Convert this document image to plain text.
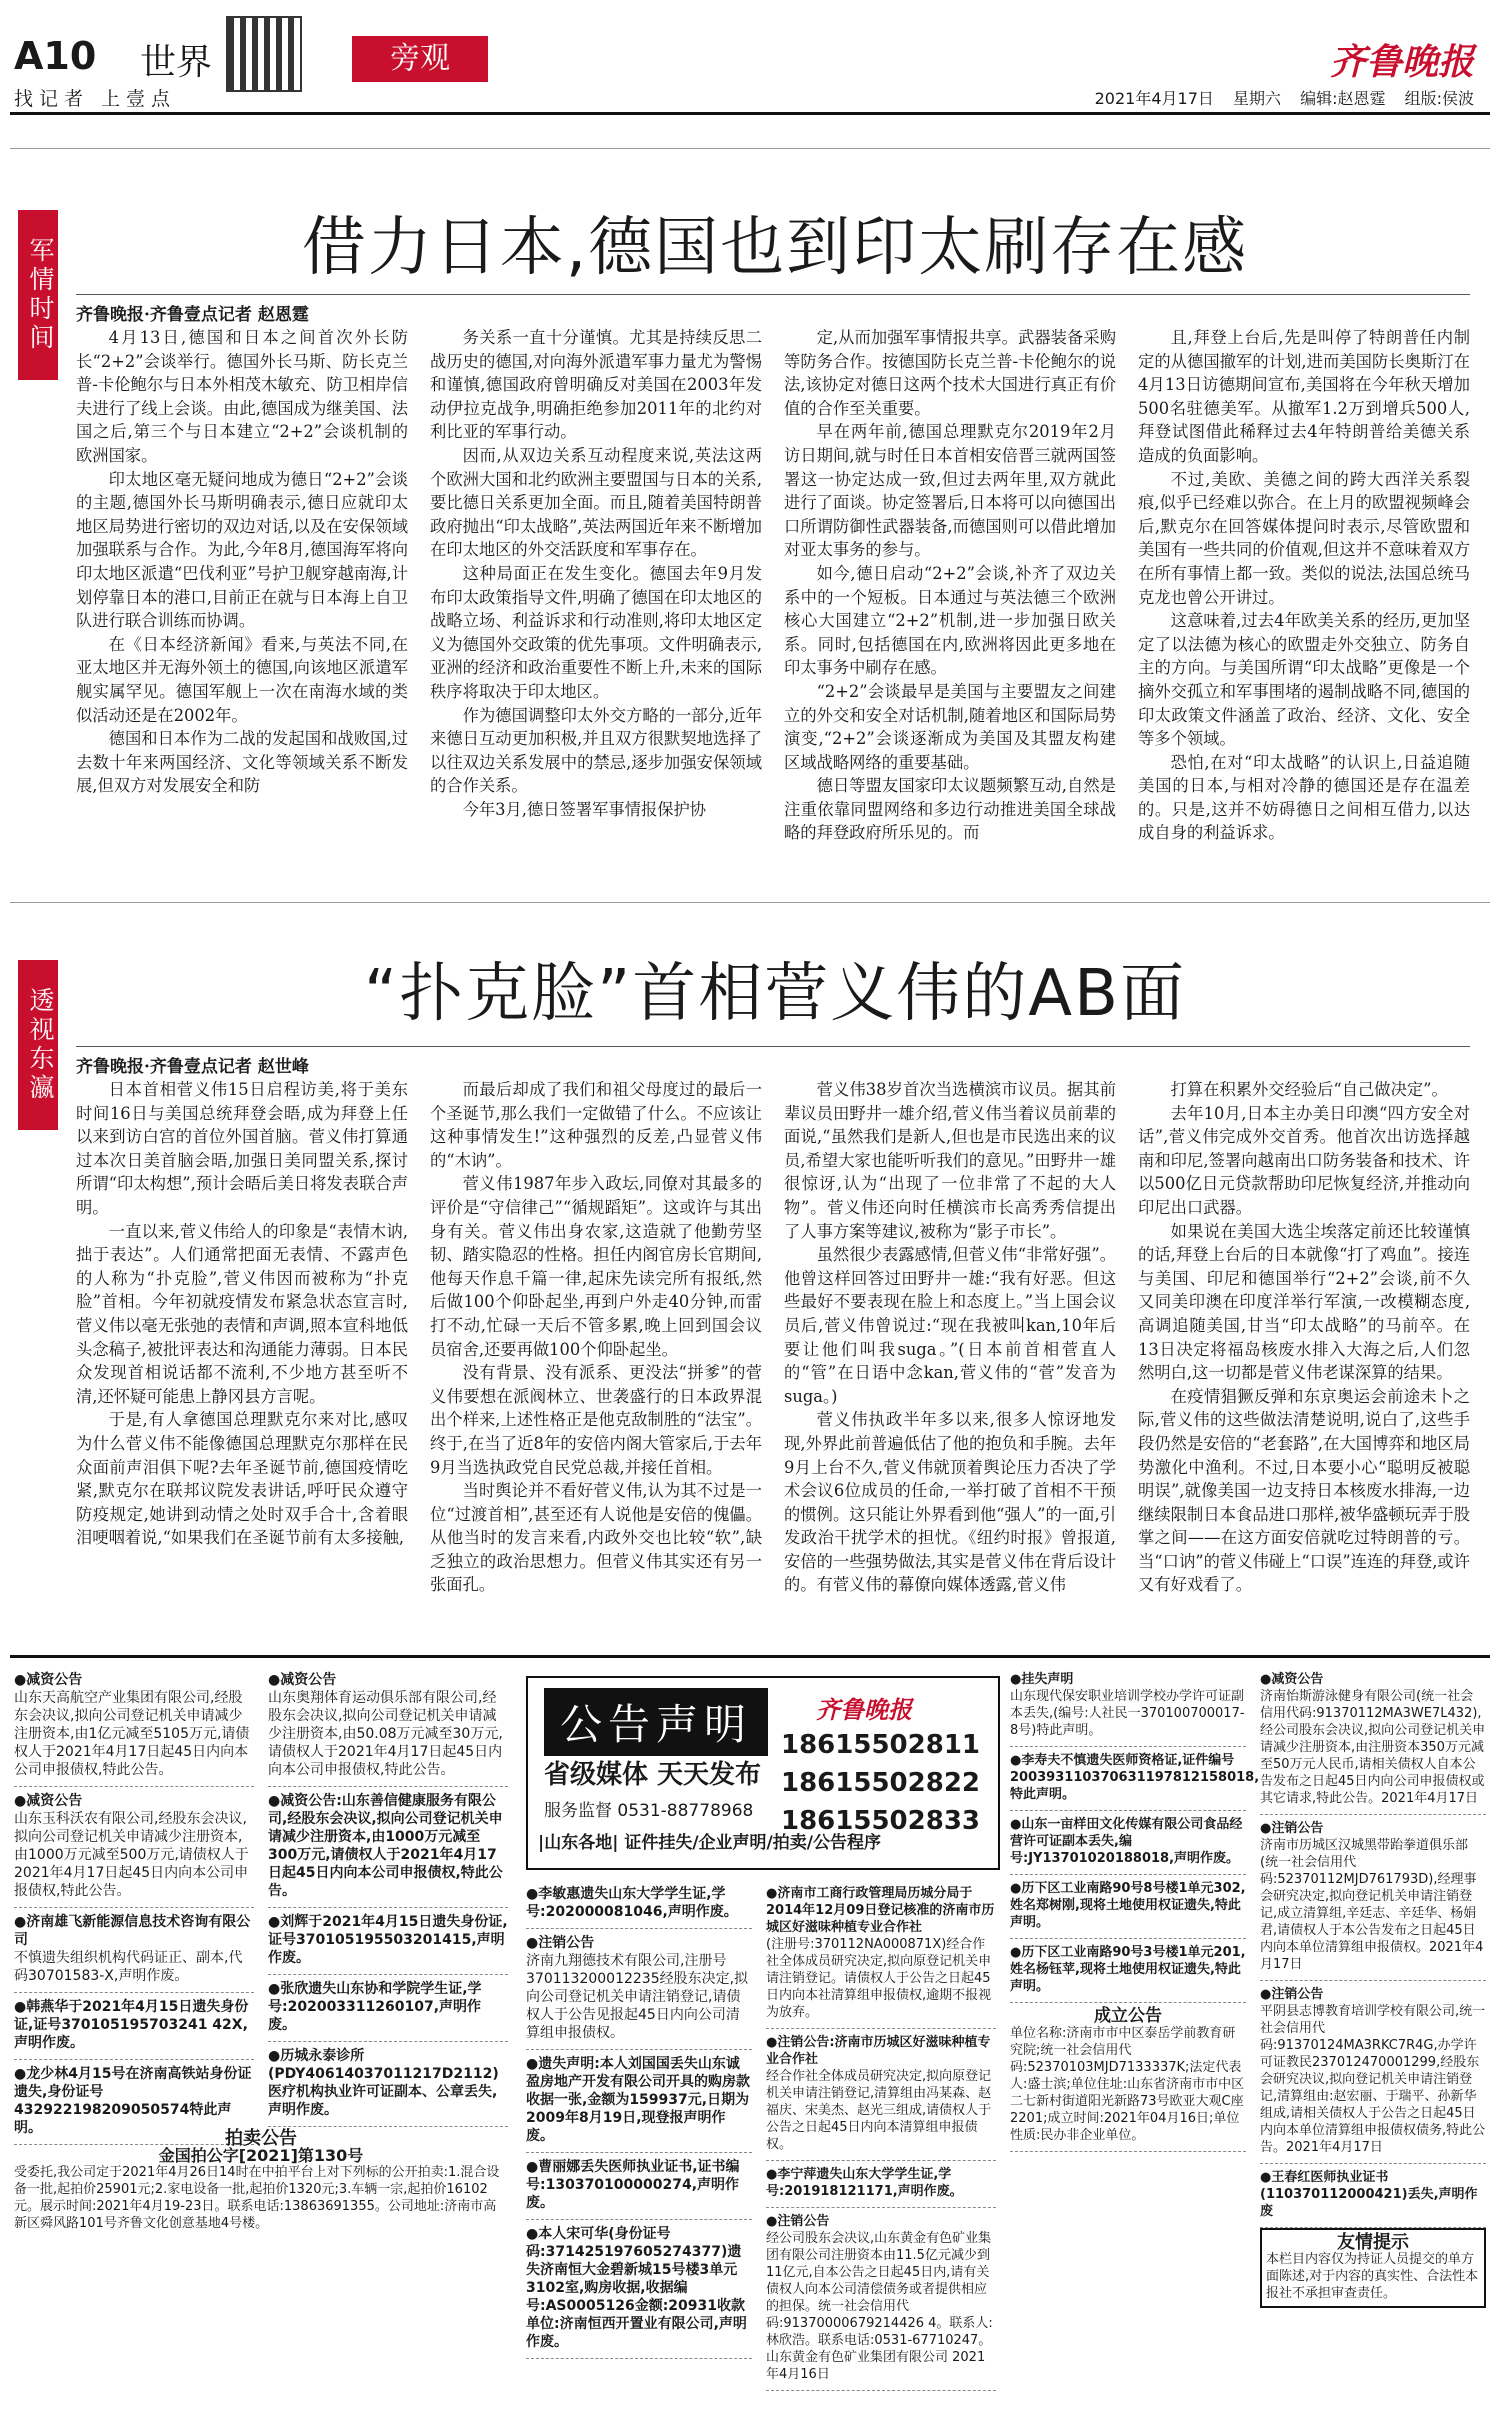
A10 世界
找记者 上壹点
旁观	齐鲁晚报
2021年4月17日 星期六 编辑:赵恩霆 组版:侯波
军情时间	借力日本,德国也到印太刷存在感
齐鲁晚报·齐鲁壹点记者 赵恩霆

4月13日,德国和日本之间首次外长防长“2+2”会谈举行。德国外长马斯、防长克兰普-卡伦鲍尔与日本外相茂木敏充、防卫相岸信夫进行了线上会谈。由此,德国成为继美国、法国之后,第三个与日本建立“2+2”会谈机制的欧洲国家。

印太地区毫无疑问地成为德日“2+2”会谈的主题,德国外长马斯明确表示,德日应就印太地区局势进行密切的双边对话,以及在安保领域加强联系与合作。为此,今年8月,德国海军将向印太地区派遣“巴伐利亚”号护卫舰穿越南海,计划停靠日本的港口,目前正在就与日本海上自卫队进行联合训练而协调。

在《日本经济新闻》看来,与英法不同,在亚太地区并无海外领土的德国,向该地区派遣军舰实属罕见。德国军舰上一次在南海水域的类似活动还是在2002年。

德国和日本作为二战的发起国和战败国,过去数十年来两国经济、文化等领域关系不断发展,但双方对发展安全和防

务关系一直十分谨慎。尤其是持续反思二战历史的德国,对向海外派遣军事力量尤为警惕和谨慎,德国政府曾明确反对美国在2003年发动伊拉克战争,明确拒绝参加2011年的北约对利比亚的军事行动。

因而,从双边关系互动程度来说,英法这两个欧洲大国和北约欧洲主要盟国与日本的关系,要比德日关系更加全面。而且,随着美国特朗普政府抛出“印太战略”,英法两国近年来不断增加在印太地区的外交活跃度和军事存在。

这种局面正在发生变化。德国去年9月发布印太政策指导文件,明确了德国在印太地区的战略立场、利益诉求和行动准则,将印太地区定义为德国外交政策的优先事项。文件明确表示,亚洲的经济和政治重要性不断上升,未来的国际秩序将取决于印太地区。

作为德国调整印太外交方略的一部分,近年来德日互动更加积极,并且双方很默契地选择了以往双边关系发展中的禁忌,逐步加强安保领域的合作关系。

今年3月,德日签署军事情报保护协

定,从而加强军事情报共享。武器装备采购等防务合作。按德国防长克兰普-卡伦鲍尔的说法,该协定对德日这两个技术大国进行真正有价值的合作至关重要。

早在两年前,德国总理默克尔2019年2月访日期间,就与时任日本首相安倍晋三就两国签署这一协定达成一致,但过去两年里,双方就此进行了面谈。协定签署后,日本将可以向德国出口所谓防御性武器装备,而德国则可以借此增加对亚太事务的参与。

如今,德日启动“2+2”会谈,补齐了双边关系中的一个短板。日本通过与英法德三个欧洲核心大国建立“2+2”机制,进一步加强日欧关系。同时,包括德国在内,欧洲将因此更多地在印太事务中刷存在感。

“2+2”会谈最早是美国与主要盟友之间建立的外交和安全对话机制,随着地区和国际局势演变,“2+2”会谈逐渐成为美国及其盟友构建区域战略网络的重要基础。

德日等盟友国家印太议题频繁互动,自然是注重依靠同盟网络和多边行动推进美国全球战略的拜登政府所乐见的。而

且,拜登上台后,先是叫停了特朗普任内制定的从德国撤军的计划,进而美国防长奥斯汀在4月13日访德期间宣布,美国将在今年秋天增加500名驻德美军。从撤军1.2万到增兵500人,拜登试图借此稀释过去4年特朗普给美德关系造成的负面影响。

不过,美欧、美德之间的跨大西洋关系裂痕,似乎已经难以弥合。在上月的欧盟视频峰会后,默克尔在回答媒体提问时表示,尽管欧盟和美国有一些共同的价值观,但这并不意味着双方在所有事情上都一致。类似的说法,法国总统马克龙也曾公开讲过。

这意味着,过去4年欧美关系的经历,更加坚定了以法德为核心的欧盟走外交独立、防务自主的方向。与美国所谓“印太战略”更像是一个摘外交孤立和军事围堵的遏制战略不同,德国的印太政策文件涵盖了政治、经济、文化、安全等多个领域。

恐怕,在对“印太战略”的认识上,日益追随美国的日本,与相对冷静的德国还是存在温差的。只是,这并不妨碍德日之间相互借力,以达成自身的利益诉求。

透视东瀛	“扑克脸”首相菅义伟的AB面
齐鲁晚报·齐鲁壹点记者 赵世峰

日本首相菅义伟15日启程访美,将于美东时间16日与美国总统拜登会晤,成为拜登上任以来到访白宫的首位外国首脑。菅义伟打算通过本次日美首脑会晤,加强日美同盟关系,探讨所谓“印太构想”,预计会晤后美日将发表联合声明。

一直以来,菅义伟给人的印象是“表情木讷,拙于表达”。人们通常把面无表情、不露声色的人称为“扑克脸”,菅义伟因而被称为“扑克脸”首相。今年初就疫情发布紧急状态宣言时,菅义伟以毫无张弛的表情和声调,照本宣科地低头念稿子,被批评表达和沟通能力薄弱。日本民众发现首相说话都不流利,不少地方甚至听不清,还怀疑可能患上静冈县方言呢。

于是,有人拿德国总理默克尔来对比,感叹为什么菅义伟不能像德国总理默克尔那样在民众面前声泪俱下呢?去年圣诞节前,德国疫情吃紧,默克尔在联邦议院发表讲话,呼吁民众遵守防疫规定,她讲到动情之处时双手合十,含着眼泪哽咽着说,“如果我们在圣诞节前有太多接触,

而最后却成了我们和祖父母度过的最后一个圣诞节,那么我们一定做错了什么。不应该让这种事情发生!”这种强烈的反差,凸显菅义伟的“木讷”。

菅义伟1987年步入政坛,同僚对其最多的评价是“守信律己”“循规蹈矩”。这或许与其出身有关。菅义伟出身农家,这造就了他勤劳坚韧、踏实隐忍的性格。担任内阁官房长官期间,他每天作息千篇一律,起床先读完所有报纸,然后做100个仰卧起坐,再到户外走40分钟,而雷打不动,忙碌一天后不管多累,晚上回到国会议员宿舍,还要再做100个仰卧起坐。

没有背景、没有派系、更没法“拼爹”的菅义伟要想在派阀林立、世袭盛行的日本政界混出个样来,上述性格正是他克敌制胜的“法宝”。终于,在当了近8年的安倍内阁大管家后,于去年9月当选执政党自民党总裁,并接任首相。

当时舆论并不看好菅义伟,认为其不过是一位“过渡首相”,甚至还有人说他是安倍的傀儡。从他当时的发言来看,内政外交也比较“软”,缺乏独立的政治思想力。但菅义伟其实还有另一张面孔。

菅义伟38岁首次当选横滨市议员。据其前辈议员田野井一雄介绍,菅义伟当着议员前辈的面说,“虽然我们是新人,但也是市民选出来的议员,希望大家也能听听我们的意见。”田野井一雄很惊讶,认为“出现了一位非常了不起的大人物”。菅义伟还向时任横滨市长高秀秀信提出了人事方案等建议,被称为“影子市长”。

虽然很少表露感情,但菅义伟“非常好强”。他曾这样回答过田野井一雄:“我有好恶。但这些最好不要表现在脸上和态度上。”当上国会议员后,菅义伟曾说过:“现在我被叫kan,10年后要让他们叫我suga。”(日本前首相菅直人的“管”在日语中念kan,菅义伟的“菅”发音为suga。)

菅义伟执政半年多以来,很多人惊讶地发现,外界此前普遍低估了他的抱负和手腕。去年9月上台不久,菅义伟就顶着舆论压力否决了学术会议6位成员的任命,一举打破了首相不干预的惯例。这只能让外界看到他“强人”的一面,引发政治干扰学术的担忧。《纽约时报》曾报道,安倍的一些强势做法,其实是菅义伟在背后设计的。有菅义伟的幕僚向媒体透露,菅义伟

打算在积累外交经验后“自己做决定”。

去年10月,日本主办美日印澳“四方安全对话”,菅义伟完成外交首秀。他首次出访选择越南和印尼,签署向越南出口防务装备和技术、许以500亿日元贷款帮助印尼恢复经济,并推动向印尼出口武器。

如果说在美国大选尘埃落定前还比较谨慎的话,拜登上台后的日本就像“打了鸡血”。接连与美国、印尼和德国举行“2+2”会谈,前不久又同美印澳在印度洋举行军演,一改模糊态度,高调追随美国,甘当“印太战略”的马前卒。在13日决定将福岛核废水排入大海之后,人们忽然明白,这一切都是菅义伟老谋深算的结果。

在疫情猖獗反弹和东京奥运会前途未卜之际,菅义伟的这些做法清楚说明,说白了,这些手段仍然是安倍的“老套路”,在大国博弈和地区局势激化中渔利。不过,日本要小心“聪明反被聪明误”,就像美国一边支持日本核废水排海,一边继续限制日本食品进口那样,被华盛顿玩弄于股掌之间——在这方面安倍就吃过特朗普的亏。当“口讷”的菅义伟碰上“口误”连连的拜登,或许又有好戏看了。

●减资公告
山东天高航空产业集团有限公司,经股东会决议,拟向公司登记机关申请减少注册资本,由1亿元减至5105万元,请债权人于2021年4月17日起45日内向本公司申报债权,特此公告。
●减资公告
山东玉科沃农有限公司,经股东会决议,拟向公司登记机关申请减少注册资本,由1000万元减至500万元,请债权人于2021年4月17日起45日内向本公司申报债权,特此公告。
●济南雄飞新能源信息技术咨询有限公司
不慎遗失组织机构代码证正、副本,代码30701583-X,声明作废。
●韩燕华于2021年4月15日遗失身份证,证号370105195703241 42X,声明作废。
●龙少林4月15号在济南高铁站身份证遗失,身份证号432922198209050574特此声明。
●减资公告
山东奥翔体育运动俱乐部有限公司,经股东会决议,拟向公司登记机关申请减少注册资本,由50.08万元减至30万元,请债权人于2021年4月17日起45日内向本公司申报债权,特此公告。
●减资公告:山东善信健康服务有限公司,经股东会决议,拟向公司登记机关申请减少注册资本,由1000万元减至300万元,请债权人于2021年4月17日起45日内向本公司申报债权,特此公告。
●刘辉于2021年4月15日遗失身份证,证号370105195503201415,声明作废。
●张欣遗失山东协和学院学生证,学号:202003311260107,声明作废。
●历城永泰诊所(PDY40614037011217D2112)医疗机构执业许可证副本、公章丢失,声明作废。
拍卖公告
金国拍公字[2021]第130号
受委托,我公司定于2021年4月26日14时在中拍平台上对下列标的公开拍卖:1.混合设备一批,起拍价25901元;2.家电设备一批,起拍价1320元;3.车辆一宗,起拍价16102元。展示时间:2021年4月19-23日。联系电话:13863691355。公司地址:济南市高新区舜风路101号齐鲁文化创意基地4号楼。
公告声明	齐鲁晚报
18615502811
18615502822
18615502833
省级媒体 天天发布
服务监督 0531-88778968
|山东各地| 证件挂失/企业声明/拍卖/公告程序
●李敏惠遗失山东大学学生证,学号:202000081046,声明作废。
●注销公告
济南九翔德技术有限公司,注册号370113200012235经股东决定,拟向公司登记机关申请注销登记,请债权人于公告见报起45日内向公司清算组申报债权。
●遗失声明:本人刘国国丢失山东诚盈房地产开发有限公司开具的购房款收据一张,金额为159937元,日期为2009年8月19日,现登报声明作废。
●曹丽娜丢失医师执业证书,证书编号:130370100000274,声明作废。
●本人宋可华(身份证号码:371425197605274377)遗失济南恒大金碧新城15号楼3单元3102室,购房收据,收据编号:AS0005126金额:20931收款单位:济南恒西开置业有限公司,声明作废。
●济南市工商行政管理局历城分局于2014年12月09日登记核准的济南市历城区好滋味种植专业合作社
(注册号:370112NA000871X)经合作社全体成员研究决定,拟向原登记机关申请注销登记。请债权人于公告之日起45日内向本社清算组申报债权,逾期不报视为放弃。
●注销公告:济南市历城区好滋味种植专业合作社
经合作社全体成员研究决定,拟向原登记机关申请注销登记,清算组由冯某森、赵福庆、宋美杰、赵光三组成,请债权人于公告之日起45日内向本清算组申报债权。
●李宁萍遗失山东大学学生证,学号:201918121171,声明作废。
●注销公告
经公司股东会决议,山东黄金有色矿业集团有限公司注册资本由11.5亿元减少到11亿元,自本公告之日起45日内,请有关债权人向本公司清偿债务或者提供相应的担保。统一社会信用代码:91370000679214426 4。联系人:林欣浩。联系电话:0531-67710247。山东黄金有色矿业集团有限公司 2021年4月16日
●挂失声明
山东现代保安职业培训学校办学许可证副本丢失,(编号:人社民一370100700017-8号)特此声明。
●李寿夫不慎遗失医师资格证,证件编号200393110370631197812158018,特此声明。
●山东一亩样田文化传媒有限公司食品经营许可证副本丢失,编号:JY13701020188018,声明作废。
●历下区工业南路90号8号楼1单元302,姓名郑树刚,现将土地使用权证遗失,特此声明。
●历下区工业南路90号3号楼1单元201,姓名杨钰苹,现将土地使用权证遗失,特此声明。
成立公告
单位名称:济南市市中区泰岳学前教育研究院;统一社会信用代码:52370103MJD7133337K;法定代表人:盛士滨;单位住址:山东省济南市市中区二七新村街道阳光新路73号欧亚大观C座2201;成立时间:2021年04月16日;单位性质:民办非企业单位。
●减资公告
济南怡斯游泳健身有限公司(统一社会信用代码:91370112MA3WE7L432),经公司股东会决议,拟向公司登记机关申请减少注册资本,由注册资本350万元减至50万元人民币,请相关债权人自本公告发布之日起45日内向公司申报债权或其它请求,特此公告。2021年4月17日
●注销公告
济南市历城区汉城黑带跆拳道俱乐部(统一社会信用代码:52370112MJD761793D),经理事会研究决定,拟向登记机关申请注销登记,成立清算组,辛廷志、辛廷华、杨娟君,请债权人于本公告发布之日起45日内向本单位清算组申报债权。2021年4月17日
●注销公告
平阴县志博教育培训学校有限公司,统一社会信用代码:91370124MA3RKC7R4G,办学许可证教民237012470001299,经股东会研究决议,拟向登记机关申请注销登记,清算组由:赵宏丽、于瑞平、孙新华组成,请相关债权人于公告之日起45日内向本单位清算组申报债权债务,特此公告。2021年4月17日
●王春红医师执业证书(110370112000421)丢失,声明作废
友情提示
本栏目内容仅为持证人员提交的单方面陈述,对于内容的真实性、合法性本报社不承担审查责任。
